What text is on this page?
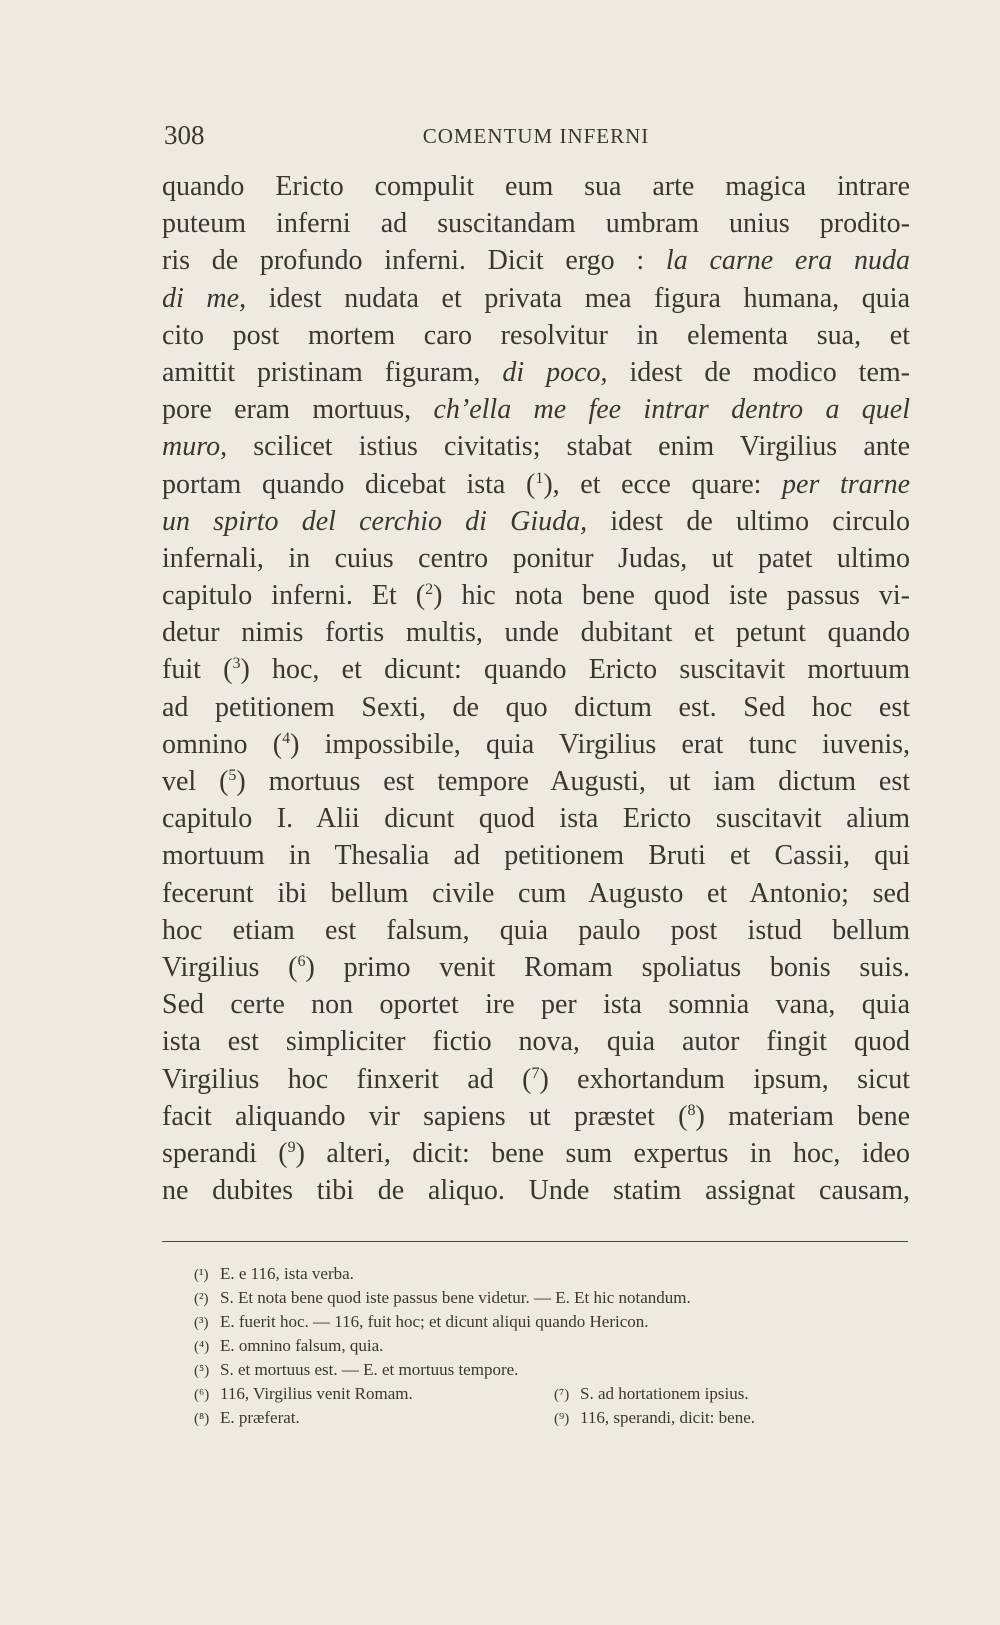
308	COMENTUM INFERNI
quando Ericto compulit eum sua arte magica intrare
puteum inferni ad suscitandam umbram unius prodito-
ris de profundo inferni. Dicit ergo : la carne era nuda
di me, idest nudata et privata mea figura humana, quia
cito post mortem caro resolvitur in elementa sua, et
amittit pristinam figuram, di poco, idest de modico tem-
pore eram mortuus, ch’ella me fee intrar dentro a quel
muro, scilicet istius civitatis; stabat enim Virgilius ante
portam quando dicebat ista ($^1$), et ecce quare: per trarne
un spirto del cerchio di Giuda, idest de ultimo circulo
infernali, in cuius centro ponitur Judas, ut patet ultimo
capitulo inferni. Et ($^2$) hic nota bene quod iste passus vi-
detur nimis fortis multis, unde dubitant et petunt quando
fuit ($^3$) hoc, et dicunt: quando Ericto suscitavit mortuum
ad petitionem Sexti, de quo dictum est. Sed hoc est
omnino ($^4$) impossibile, quia Virgilius erat tunc iuvenis,
vel ($^5$) mortuus est tempore Augusti, ut iam dictum est
capitulo I. Alii dicunt quod ista Ericto suscitavit alium
mortuum in Thesalia ad petitionem Bruti et Cassii, qui
fecerunt ibi bellum civile cum Augusto et Antonio; sed
hoc etiam est falsum, quia paulo post istud bellum
Virgilius ($^6$) primo venit Romam spoliatus bonis suis.
Sed certe non oportet ire per ista somnia vana, quia
ista est simpliciter fictio nova, quia autor fingit quod
Virgilius hoc finxerit ad ($^7$) exhortandum ipsum, sicut
facit aliquando vir sapiens ut præstet ($^8$) materiam bene
sperandi ($^9$) alteri, dicit: bene sum expertus in hoc, ideo
ne dubites tibi de aliquo. Unde statim assignat causam,
(¹) E. e 116, ista verba.
(²) S. Et nota bene quod iste passus bene videtur. — E. Et hic notandum.
(³) E. fuerit hoc. — 116, fuit hoc; et dicunt aliqui quando Hericon.
(⁴) E. omnino falsum, quia.
(⁵) S. et mortuus est. — E. et mortuus tempore.
(⁶) 116, Virgilius venit Romam.	(⁷) S. ad hortationem ipsius.
(⁸) E. præferat.	(⁹) 116, sperandi, dicit: bene.
